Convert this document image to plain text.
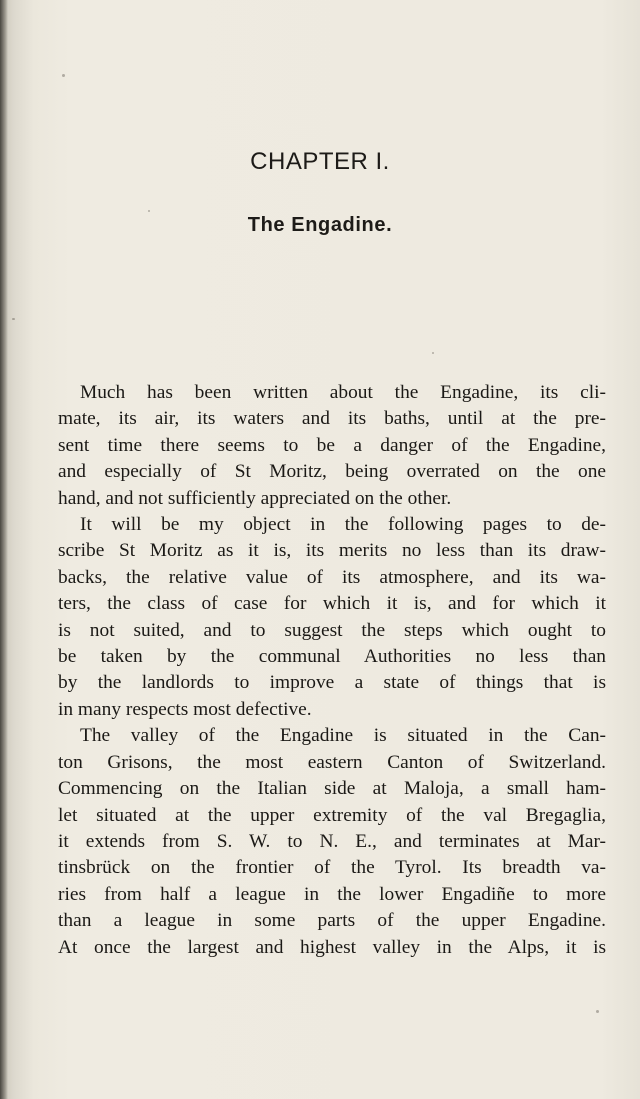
CHAPTER I.
The Engadine.

Much has been written about the Engadine, its cli-
mate, its air, its waters and its baths, until at the pre-
sent time there seems to be a danger of the Engadine,
and especially of St Moritz, being overrated on the one
hand, and not sufficiently appreciated on the other.

It will be my object in the following pages to de-
scribe St Moritz as it is, its merits no less than its draw-
backs, the relative value of its atmosphere, and its wa-
ters, the class of case for which it is, and for which it
is not suited, and to suggest the steps which ought to
be taken by the communal Authorities no less than
by the landlords to improve a state of things that is
in many respects most defective.

The valley of the Engadine is situated in the Can-
ton Grisons, the most eastern Canton of Switzerland.
Commencing on the Italian side at Maloja, a small ham-
let situated at the upper extremity of the val Bregaglia,
it extends from S. W. to N. E., and terminates at Mar-
tinsbrück on the frontier of the Tyrol. Its breadth va-
ries from half a league in the lower Engadiñe to more
than a league in some parts of the upper Engadine.
At once the largest and highest valley in the Alps, it is
